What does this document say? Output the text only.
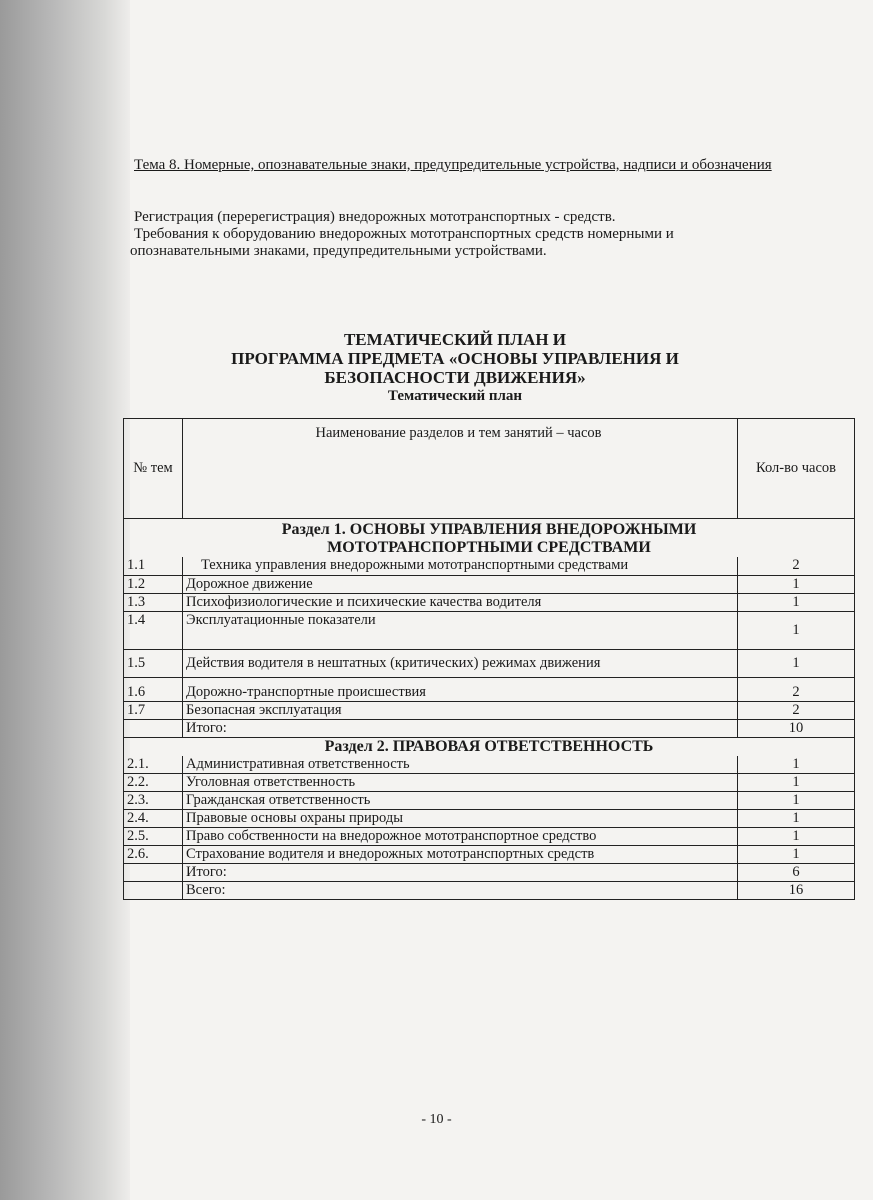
Тема 8. Номерные, опознавательные знаки, предупредительные устройства, надписи и обозначения

Регистрация (перерегистрация) внедорожных мототранспортных - средств.

Требования к оборудованию внедорожных мототранспортных средств номерными и

опознавательными знаками, предупредительными устройствами.

ТЕМАТИЧЕСКИЙ ПЛАН И
ПРОГРАММА ПРЕДМЕТА «ОСНОВЫ УПРАВЛЕНИЯ И
БЕЗОПАСНОСТИ ДВИЖЕНИЯ»
Тематический план
№ тем	Наименование разделов и тем занятий – часов	Кол-во часов

Раздел 1. ОСНОВЫ УПРАВЛЕНИЯ ВНЕДОРОЖНЫМИ
МОТОТРАНСПОРТНЫМИ СРЕДСТВАМИ		

1.1	Техника управления внедорожными мототранспортными средствами	2
1.2	Дорожное движение	1
1.3	Психофизиологические и психические качества водителя	1
1.4	Эксплуатационные показатели	1
1.5	Действия водителя в нештатных (критических) режимах движения	1
1.6	Дорожно-транспортные происшествия	2
1.7	Безопасная эксплуатация	2
	Итого:	10
Раздел 2. ПРАВОВАЯ ОТВЕТСТВЕННОСТЬ		
2.1.	Административная ответственность	1
2.2.	Уголовная ответственность	1
2.3.	Гражданская ответственность	1
2.4.	Правовые основы охраны природы	1
2.5.	Право собственности на внедорожное мототранспортное средство	1
2.6.	Страхование водителя и внедорожных мототранспортных средств	1
	Итого:	6
	Всего:	16
- 10 -
